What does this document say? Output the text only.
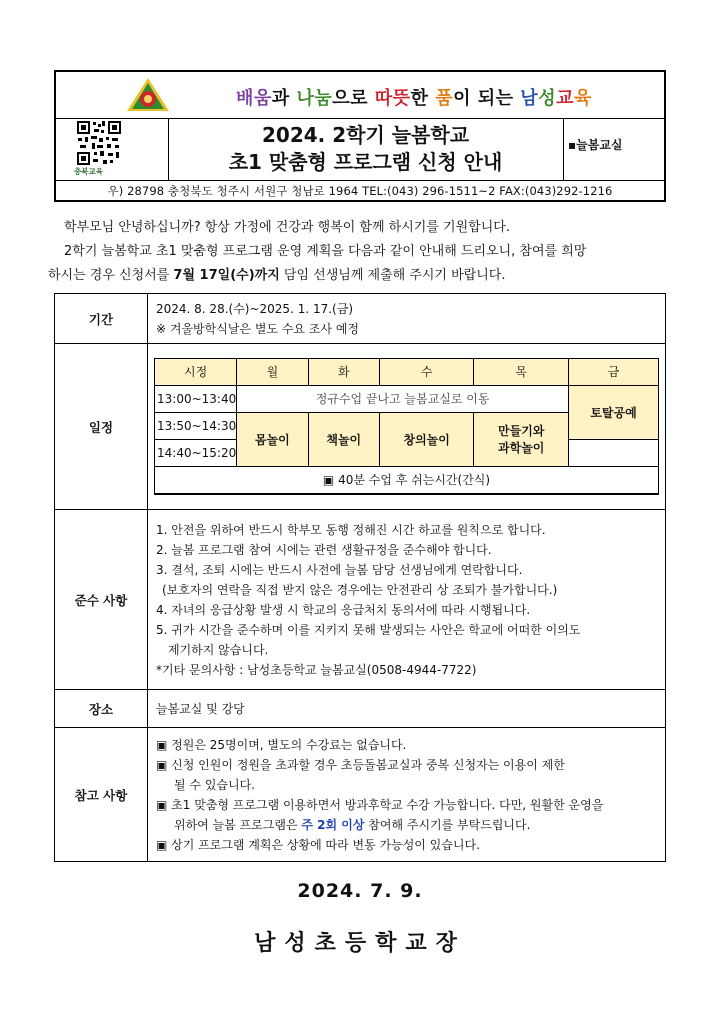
배움과 나눔으로 따뜻한 품이 되는 남성교육
충북교육
2024. 2학기 늘봄학교
초1 맞춤형 프로그램 신청 안내
▪늘봄교실
우) 28798 충청북도 청주시 서원구 청남로 1964 TEL:(043) 296-1511~2 FAX:(043)292-1216
학부모님 안녕하십니까? 항상 가정에 건강과 행복이 함께 하시기를 기원합니다.
2학기 늘봄학교 초1 맞춤형 프로그램 운영 계획을 다음과 같이 안내해 드리오니, 참여를 희망
하시는 경우 신청서를 7월 17일(수)까지 담임 선생님께 제출해 주시기 바랍니다.
기간	
2024. 8. 28.(수)~2025. 1. 17.(금)
※ 겨울방학식날은 별도 수요 조사 예정

일정	
시정	월	화	수	목	금
13:00~13:40	정규수업 끝나고 늘봄교실로 이동	토탈공예
13:50~14:30	몸놀이	책놀이	창의놀이	만들기와
과학놀이
14:40~15:20	
▣ 40분 수업 후 쉬는시간(간식)

준수 사항	
1. 안전을 위하여 반드시 학부모 동행 정해진 시간 하교를 원칙으로 합니다.
2. 늘봄 프로그램 참여 시에는 관련 생활규정을 준수해야 합니다.
3. 결석, 조퇴 시에는 반드시 사전에 늘봄 담당 선생님에게 연락합니다.
(보호자의 연락을 직접 받지 않은 경우에는 안전관리 상 조퇴가 불가합니다.)
4. 자녀의 응급상황 발생 시 학교의 응급처치 동의서에 따라 시행됩니다.
5. 귀가 시간을 준수하며 이를 지키지 못해 발생되는 사안은 학교에 어떠한 이의도
제기하지 않습니다.
*기타 문의사항 : 남성초등학교 늘봄교실(0508-4944-7722)

장소	늘봄교실 및 강당
참고 사항	
▣ 정원은 25명이며, 별도의 수강료는 없습니다.
▣ 신청 인원이 정원을 초과할 경우 초등돌봄교실과 중복 신청자는 이용이 제한
될 수 있습니다.
▣ 초1 맞춤형 프로그램 이용하면서 방과후학교 수강 가능합니다. 다만, 원활한 운영을
위하여 늘봄 프로그램은 주 2회 이상 참여해 주시기를 부탁드립니다.
▣ 상기 프로그램 계획은 상황에 따라 변동 가능성이 있습니다.
2024. 7. 9.
남성초등학교장
